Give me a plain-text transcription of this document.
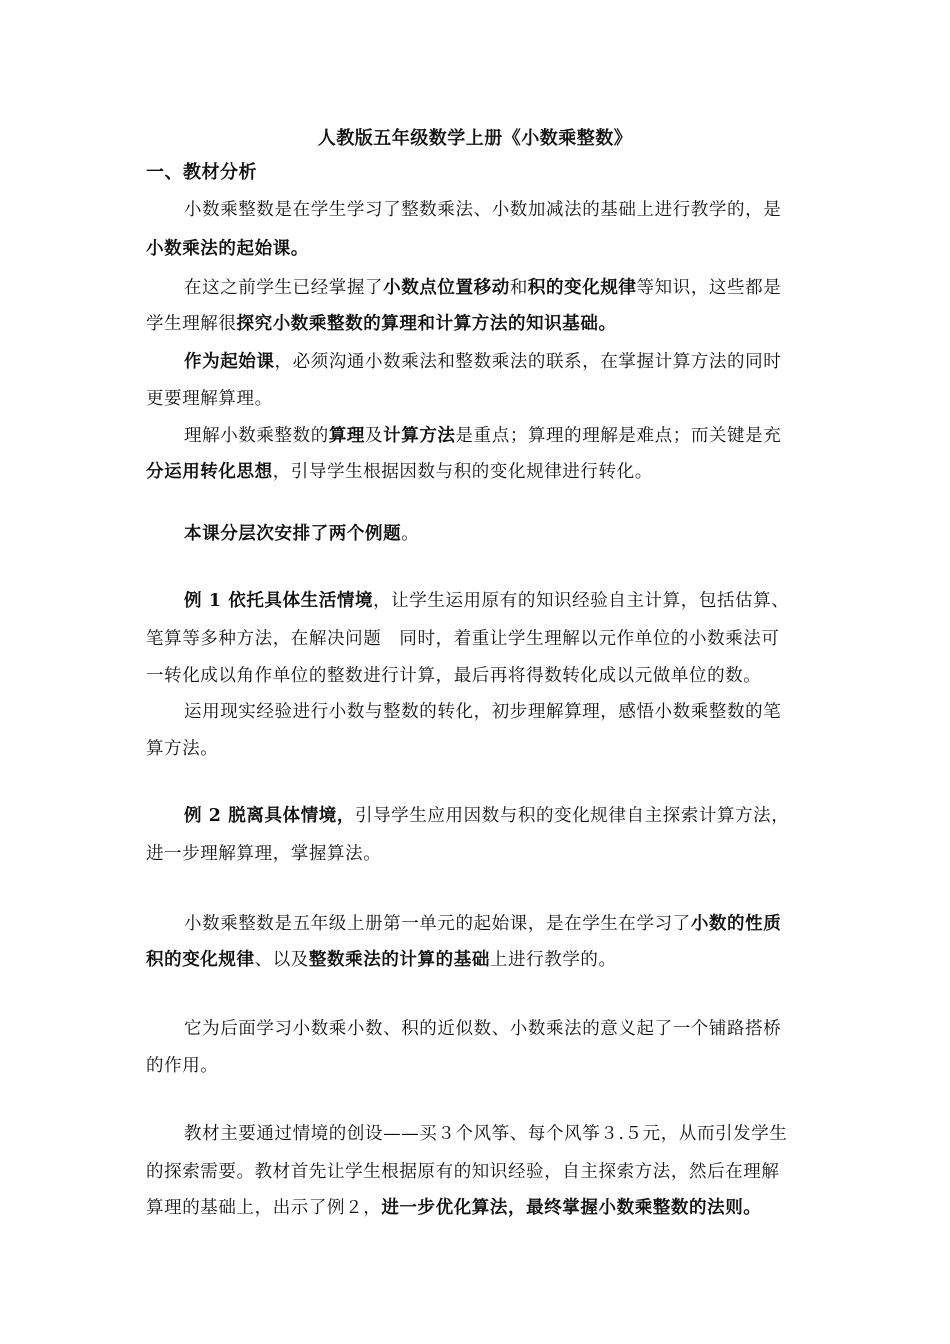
人教版五年级数学上册《小数乘整数》
一、教材分析
小数乘整数是在学生学习了整数乘法、小数加减法的基础上进行教学的，是
小数乘法的起始课。
在这之前学生已经掌握了小数点位置移动和积的变化规律等知识，这些都是
学生理解很探究小数乘整数的算理和计算方法的知识基础。
作为起始课，必须沟通小数乘法和整数乘法的联系，在掌握计算方法的同时
更要理解算理。
理解小数乘整数的算理及计算方法是重点；算理的理解是难点；而关键是充
分运用转化思想，引导学生根据因数与积的变化规律进行转化。
本课分层次安排了两个例题。
例 1 依托具体生活情境，让学生运用原有的知识经验自主计算，包括估算、
笔算等多种方法，在解决问题　同时，着重让学生理解以元作单位的小数乘法可
一转化成以角作单位的整数进行计算，最后再将得数转化成以元做单位的数。
运用现实经验进行小数与整数的转化，初步理解算理，感悟小数乘整数的笔
算方法。
例 2 脱离具体情境，引导学生应用因数与积的变化规律自主探索计算方法，
进一步理解算理，掌握算法。
小数乘整数是五年级上册第一单元的起始课，是在学生在学习了小数的性质
积的变化规律、以及整数乘法的计算的基础上进行教学的。
它为后面学习小数乘小数、积的近似数、小数乘法的意义起了一个铺路搭桥
的作用。
教材主要通过情境的创设——买３个风筝、每个风筝３.５元，从而引发学生
的探索需要。教材首先让学生根据原有的知识经验，自主探索方法，然后在理解
算理的基础上，出示了例２，进一步优化算法，最终掌握小数乘整数的法则。
